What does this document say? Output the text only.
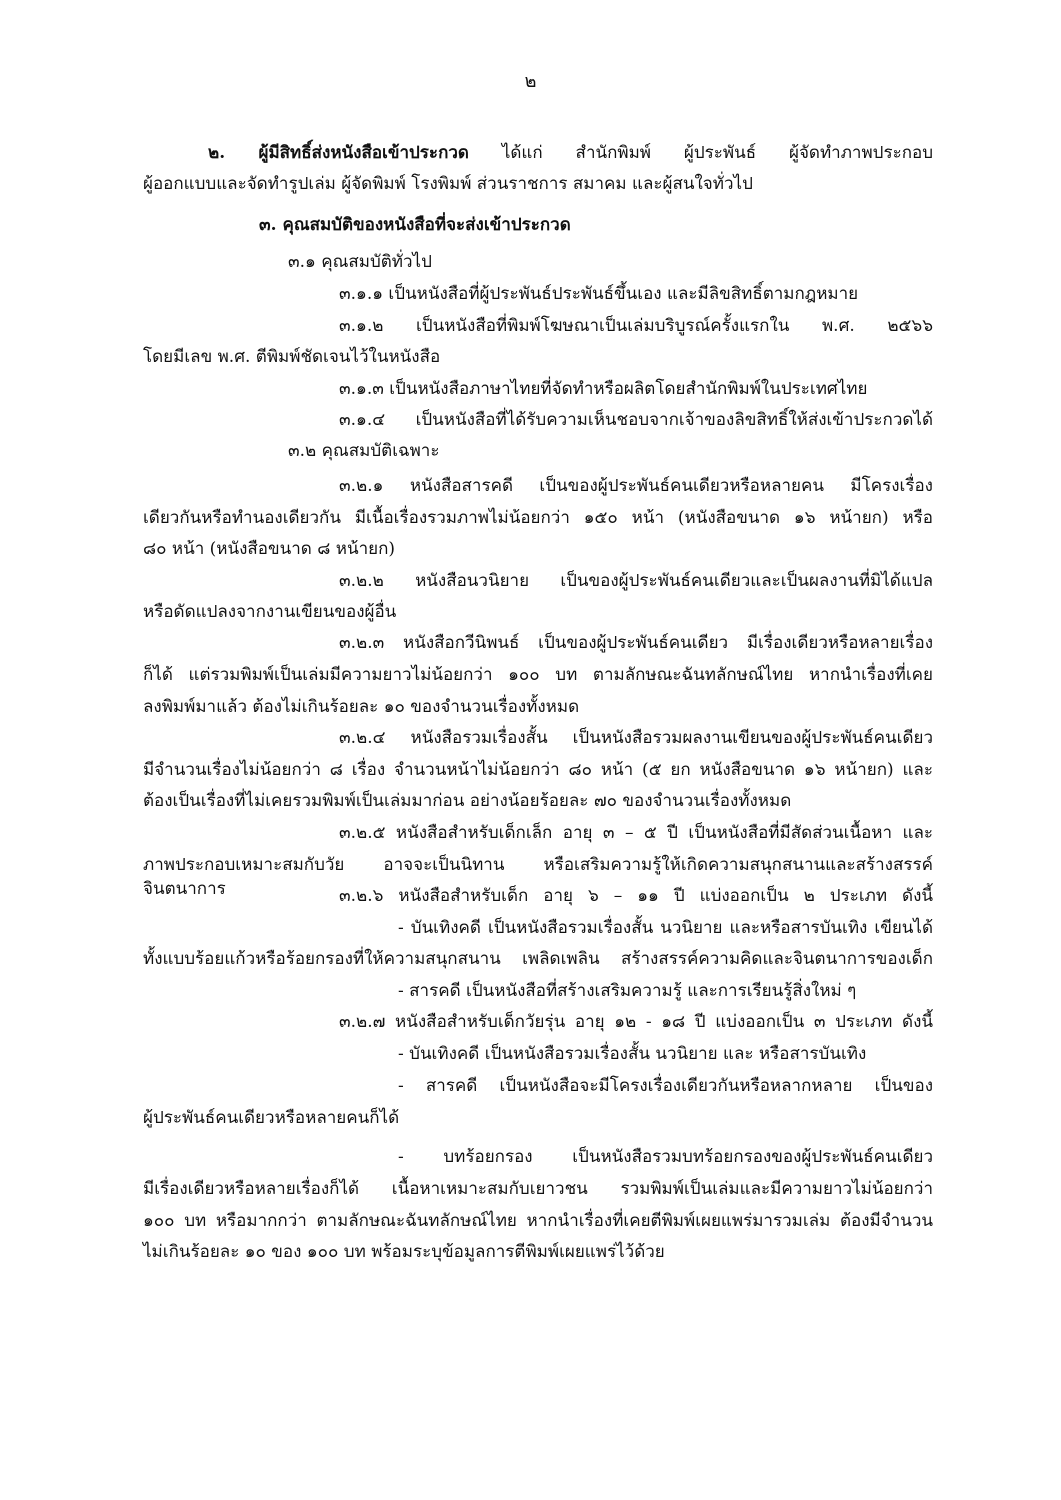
๒
๒. ผู้มีสิทธิ์ส่งหนังสือเข้าประกวด ได้แก่ สำนักพิมพ์ ผู้ประพันธ์ ผู้จัดทำภาพประกอบ
ผู้ออกแบบและจัดทำรูปเล่ม ผู้จัดพิมพ์ โรงพิมพ์ ส่วนราชการ สมาคม และผู้สนใจทั่วไป
๓. คุณสมบัติของหนังสือที่จะส่งเข้าประกวด
๓.๑ คุณสมบัติทั่วไป
๓.๑.๑ เป็นหนังสือที่ผู้ประพันธ์ประพันธ์ขึ้นเอง และมีลิขสิทธิ์ตามกฎหมาย
๓.๑.๒ เป็นหนังสือที่พิมพ์โฆษณาเป็นเล่มบริบูรณ์ครั้งแรกใน พ.ศ. ๒๕๖๖
โดยมีเลข พ.ศ. ตีพิมพ์ชัดเจนไว้ในหนังสือ
๓.๑.๓ เป็นหนังสือภาษาไทยที่จัดทำหรือผลิตโดยสำนักพิมพ์ในประเทศไทย
๓.๑.๔ เป็นหนังสือที่ได้รับความเห็นชอบจากเจ้าของลิขสิทธิ์ให้ส่งเข้าประกวดได้
๓.๒ คุณสมบัติเฉพาะ
๓.๒.๑ หนังสือสารคดี เป็นของผู้ประพันธ์คนเดียวหรือหลายคน มีโครงเรื่อง
เดียวกันหรือทำนองเดียวกัน มีเนื้อเรื่องรวมภาพไม่น้อยกว่า ๑๕๐ หน้า (หนังสือขนาด ๑๖ หน้ายก) หรือ
๘๐ หน้า (หนังสือขนาด ๘ หน้ายก)
๓.๒.๒ หนังสือนวนิยาย เป็นของผู้ประพันธ์คนเดียวและเป็นผลงานที่มิได้แปล
หรือดัดแปลงจากงานเขียนของผู้อื่น
๓.๒.๓ หนังสือกวีนิพนธ์ เป็นของผู้ประพันธ์คนเดียว มีเรื่องเดียวหรือหลายเรื่อง
ก็ได้ แต่รวมพิมพ์เป็นเล่มมีความยาวไม่น้อยกว่า ๑๐๐ บท ตามลักษณะฉันทลักษณ์ไทย หากนำเรื่องที่เคย
ลงพิมพ์มาแล้ว ต้องไม่เกินร้อยละ ๑๐ ของจำนวนเรื่องทั้งหมด
๓.๒.๔ หนังสือรวมเรื่องสั้น เป็นหนังสือรวมผลงานเขียนของผู้ประพันธ์คนเดียว
มีจำนวนเรื่องไม่น้อยกว่า ๘ เรื่อง จำนวนหน้าไม่น้อยกว่า ๘๐ หน้า (๕ ยก หนังสือขนาด ๑๖ หน้ายก) และ
ต้องเป็นเรื่องที่ไม่เคยรวมพิมพ์เป็นเล่มมาก่อน อย่างน้อยร้อยละ ๗๐ ของจำนวนเรื่องทั้งหมด
๓.๒.๕ หนังสือสำหรับเด็กเล็ก อายุ ๓ – ๕ ปี เป็นหนังสือที่มีสัดส่วนเนื้อหา และ
ภาพประกอบเหมาะสมกับวัย อาจจะเป็นนิทาน หรือเสริมความรู้ให้เกิดความสนุกสนานและสร้างสรรค์จินตนาการ	๓.๒.๖ หนังสือสำหรับเด็ก อายุ ๖ – ๑๑ ปี แบ่งออกเป็น ๒ ประเภท ดังนี้
- บันเทิงคดี เป็นหนังสือรวมเรื่องสั้น นวนิยาย และหรือสารบันเทิง เขียนได้
ทั้งแบบร้อยแก้วหรือร้อยกรองที่ให้ความสนุกสนาน เพลิดเพลิน สร้างสรรค์ความคิดและจินตนาการของเด็ก
- สารคดี เป็นหนังสือที่สร้างเสริมความรู้ และการเรียนรู้สิ่งใหม่ ๆ
๓.๒.๗ หนังสือสำหรับเด็กวัยรุ่น อายุ ๑๒ - ๑๘ ปี แบ่งออกเป็น ๓ ประเภท ดังนี้
- บันเทิงคดี เป็นหนังสือรวมเรื่องสั้น นวนิยาย และ หรือสารบันเทิง
- สารคดี เป็นหนังสือจะมีโครงเรื่องเดียวกันหรือหลากหลาย เป็นของ
ผู้ประพันธ์คนเดียวหรือหลายคนก็ได้
- บทร้อยกรอง เป็นหนังสือรวมบทร้อยกรองของผู้ประพันธ์คนเดียว
มีเรื่องเดียวหรือหลายเรื่องก็ได้ เนื้อหาเหมาะสมกับเยาวชน รวมพิมพ์เป็นเล่มและมีความยาวไม่น้อยกว่า
๑๐๐ บท หรือมากกว่า ตามลักษณะฉันทลักษณ์ไทย หากนำเรื่องที่เคยตีพิมพ์เผยแพร่มารวมเล่ม ต้องมีจำนวน
ไม่เกินร้อยละ ๑๐ ของ ๑๐๐ บท พร้อมระบุข้อมูลการตีพิมพ์เผยแพร่ไว้ด้วย
